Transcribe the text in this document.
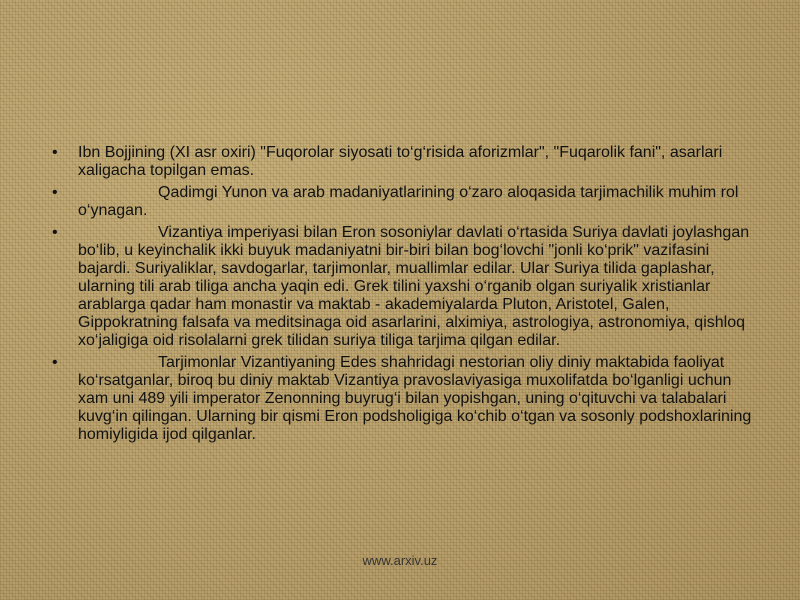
•	Ibn Bojjining (XI asr oxiri) "Fuqorolar siyosati to‘g‘risida aforizmlar", "Fuqarolik fani", asarlari xaligacha topilgan emas.
•	Qadimgi Yunon va arab madaniyatlarining o‘zaro aloqasida tarjimachilik muhim rol o‘ynagan.
•	Vizantiya imperiyasi bilan Eron sosoniylar davlati o‘rtasida Suriya davlati joylashgan bo‘lib, u keyinchalik ikki buyuk madaniyatni bir-biri bilan bog‘lovchi "jonli ko‘prik" vazifasini bajardi. Suriyaliklar, savdogarlar, tarjimonlar, muallimlar edilar. Ular Suriya tilida gaplashar, ularning tili arab tiliga ancha yaqin edi. Grek tilini yaxshi o‘rganib olgan suriyalik xristianlar arablarga qadar ham monastir va maktab - akademiyalarda Pluton, Aristotel, Galen, Gippokratning falsafa va meditsinaga oid asarlarini, alximiya, astrologiya, astronomiya, qishloq xo‘jaligiga oid risolalarni grek tilidan suriya tiliga tarjima qilgan edilar.
•	Tarjimonlar Vizantiyaning Edes shahridagi nestorian oliy diniy maktabida faoliyat ko‘rsatganlar, biroq bu diniy maktab Vizantiya pravoslaviyasiga muxolifatda bo‘lganligi uchun xam uni 489 yili imperator Zenonning buyrug‘i bilan yopishgan, uning o‘qituvchi va talabalari kuvg‘in qilingan. Ularning bir qismi Eron podsholigiga ko‘chib o‘tgan va sosonly podshoxlarining homiyligida ijod qilganlar.
www.arxiv.uz
